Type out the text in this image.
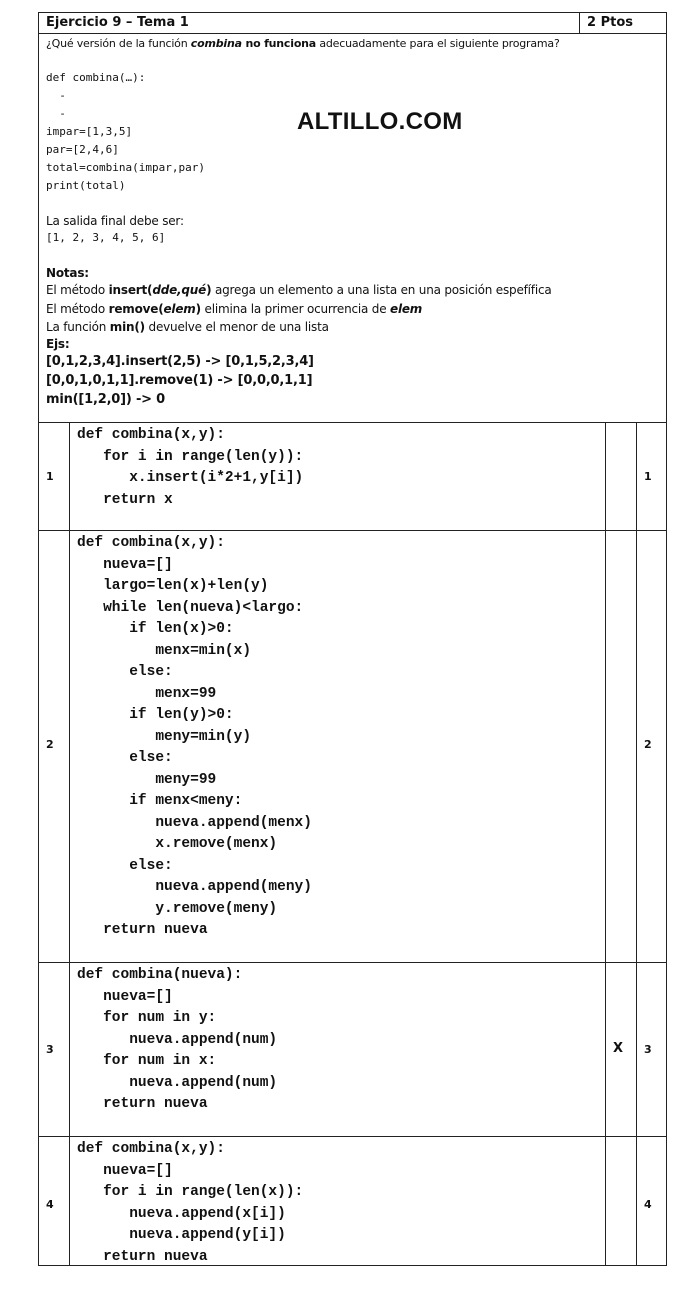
Ejercicio 9 – Tema 1	2 Ptos
¿Qué versión de la función combina no funciona adecuadamente para el siguiente programa?
def combina(…):
-
-
impar=[1,3,5]
par=[2,4,6]
total=combina(impar,par)
print(total)
ALTILLO.COM
La salida final debe ser:
[1, 2, 3, 4, 5, 6]
Notas:
El método insert(dde,qué) agrega un elemento a una lista en una posición espefífica
El método remove(elem) elimina la primer ocurrencia de elem
La función min() devuelve el menor de una lista
Ejs:
[0,1,2,3,4].insert(2,5) -> [0,1,5,2,3,4]
[0,0,1,0,1,1].remove(1) -> [0,0,0,1,1]
min([1,2,0]) -> 0
1
def combina(x,y):
for i in range(len(y)):
x.insert(i*2+1,y[i])
return x
1
2
def combina(x,y):
nueva=[]
largo=len(x)+len(y)
while len(nueva)<largo:
if len(x)>0:
menx=min(x)
else:
menx=99
if len(y)>0:
meny=min(y)
else:
meny=99
if menx<meny:
nueva.append(menx)
x.remove(menx)
else:
nueva.append(meny)
y.remove(meny)
return nueva
2
3
def combina(nueva):
nueva=[]
for num in y:
nueva.append(num)
for num in x:
nueva.append(num)
return nueva
X 3
4
def combina(x,y):
nueva=[]
for i in range(len(x)):
nueva.append(x[i])
nueva.append(y[i])
return nueva
4
